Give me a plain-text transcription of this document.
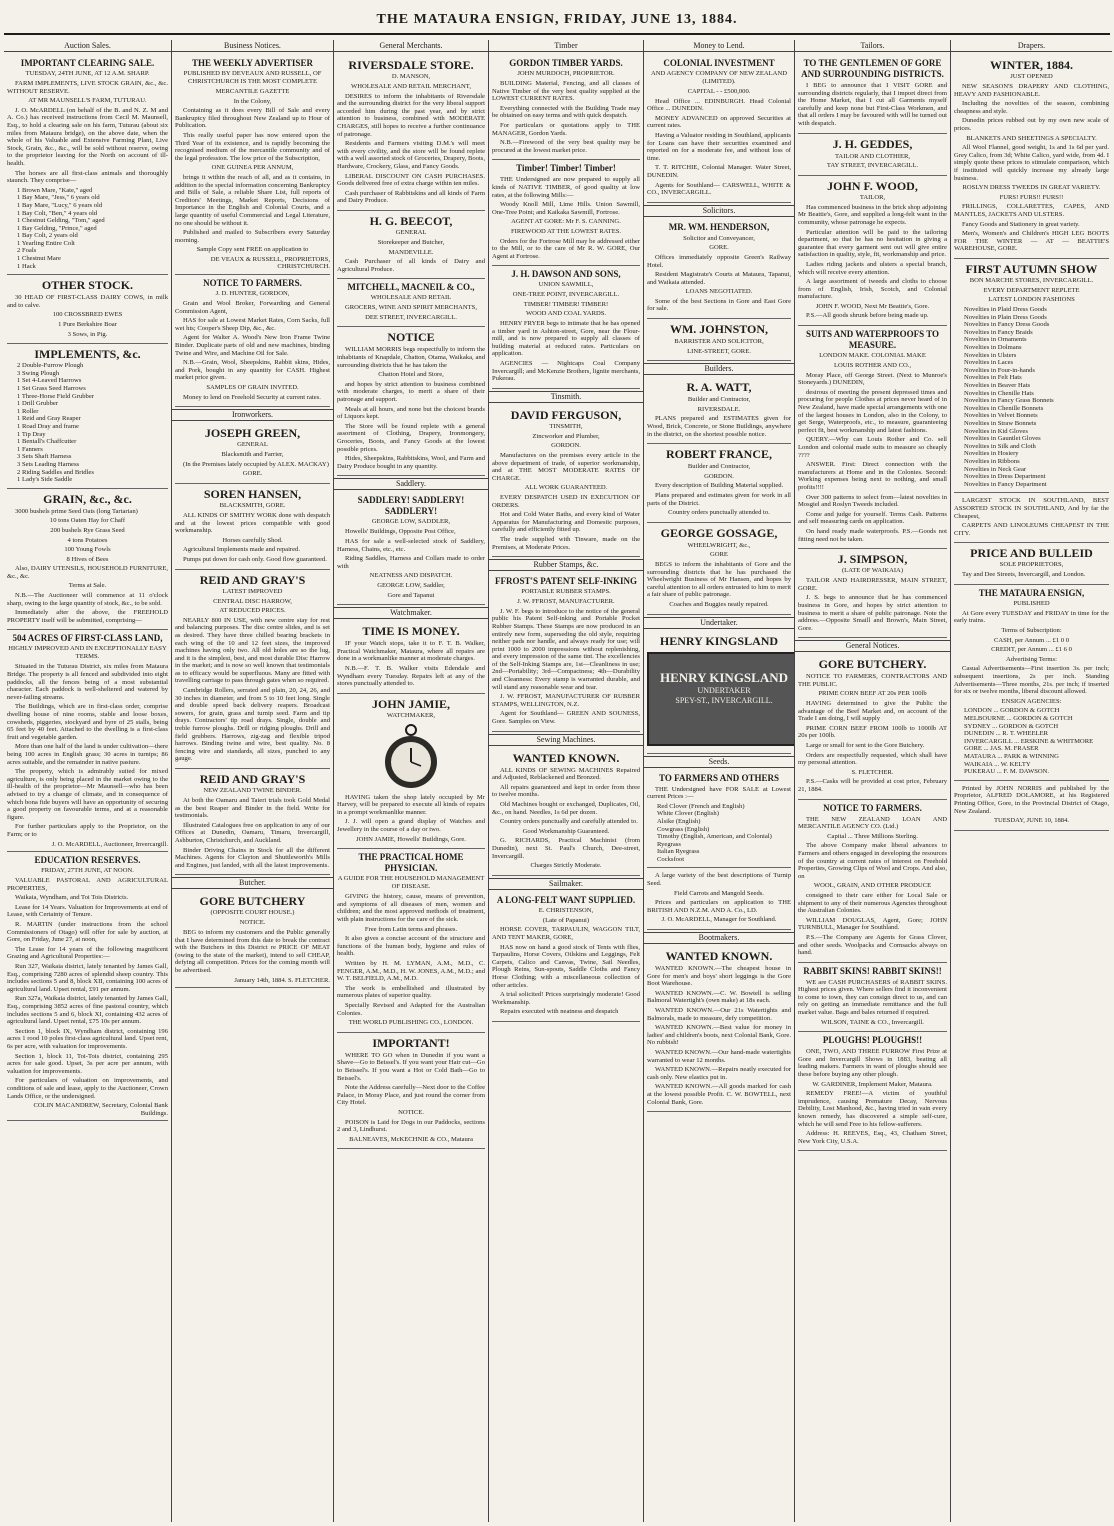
THE MATAURA ENSIGN, FRIDAY, JUNE 13, 1884.
Auction Sales.
IMPORTANT CLEARING SALE.
TUESDAY, 24TH JUNE, AT 12 A.M. SHARP.

FARM IMPLEMENTS, LIVE STOCK GRAIN, &c., &c. WITHOUT RESERVE.

AT MR MAUNSELL'S FARM, TUTURAU.

J. O. McARDELL (on behalf of the B. and N. Z. M and A. Co.) has received instructions from Cecil M. Maunsell, Esq., to hold a clearing sale on his farm, Tuturau (about six miles from Mataura bridge), on the above date, when the whole of his Valuable and Extensive Farming Plant, Live Stock, Grain, &c., &c., will be sold without reserve, owing to the proprietor leaving for the North on account of ill-health.

The horses are all first-class animals and thoroughly staunch. They comprise—

1 Brown Mare, "Kate," aged
1 Bay Mare, "Jess," 6 years old
1 Bay Mare, "Lucy," 6 years old
1 Bay Colt, "Ben," 4 years old
1 Chestnut Gelding, "Tom," aged
1 Bay Gelding, "Prince," aged
1 Bay Colt, 2 years old
1 Yearling Entire Colt
2 Foals
1 Chestnut Mare
1 Hack
OTHER STOCK.

30 HEAD OF FIRST-CLASS DAIRY COWS, in milk and to calve.

100 CROSSBRED EWES

1 Pure Berkshire Boar

3 Sows, in Pig.

IMPLEMENTS, &c.
2 Double-Furrow Plough
3 Swing Plough
1 Set 4-Leaved Harrows
1 Set Grass Seed Harrows
1 Three-Horse Field Grubber
1 Drill Grubber
1 Roller
1 Reid and Gray Reaper
1 Road Dray and frame
1 Tip Dray
1 Bentall's Chaffcutter
1 Fanners
3 Sets Shaft Harness
3 Sets Leading Harness
2 Riding Saddles and Bridles
1 Lady's Side Saddle
GRAIN, &c., &c.

3000 bushels prime Seed Oats (long Tartarian)

10 tons Oaten Hay for Chaff

200 bushels Rye Grass Seed

4 tons Potatoes

100 Young Fowls

8 Hives of Bees

Also, DAIRY UTENSILS, HOUSEHOLD FURNITURE, &c., &c.

Terms at Sale.

N.B.—The Auctioneer will commence at 11 o'clock sharp, owing to the large quantity of stock, &c., to be sold.

Immediately after the above, the FREEHOLD PROPERTY itself will be submitted, comprising—

504 ACRES OF FIRST-CLASS LAND,
HIGHLY IMPROVED AND IN EXCEPTIONALLY EASY TERMS.

Situated in the Tuturau District, six miles from Mataura Bridge. The property is all fenced and subdivided into eight paddocks, all the fences being of a most substantial character. Each paddock is well-sheltered and watered by never-failing streams.

The Buildings, which are in first-class order, comprise dwelling house of nine rooms, stable and loose boxes, cowsheds, piggeries, stockyard and byre of 25 stalls, being 65 feet by 40 feet. Attached to the dwelling is a first-class fruit and vegetable garden.

More than one half of the land is under cultivation—there being 100 acres in English grass; 30 acres in turnips; 86 acres suitable, and the remainder in native pasture.

The property, which is admirably suited for mixed agriculture, is only being placed in the market owing to the ill-health of the proprietor—Mr Maunsell—who has been advised to try a change of climate, and in consequence of which bona fide buyers will have an opportunity of securing a good property on favourable terms, and at a reasonable figure.

For further particulars apply to the Proprietor, on the Farm; or to

J. O. McARDELL, Auctioneer, Invercargill.
EDUCATION RESERVES.
FRIDAY, 27TH JUNE, AT NOON.

VALUABLE PASTORAL AND AGRICULTURAL PROPERTIES,

Waikaia, Wyndham, and Toi Tois Districts.

Lease for 14 Years. Valuation for Improvements at end of Lease, with Certainty of Tenure.

R. MARTIN (under instructions from the school Commissioners of Otago) will offer for sale by auction, at Gore, on Friday, June 27, at noon,

The Lease for 14 years of the following magnificent Grazing and Agricultural Properties:—

Run 327, Waikaia district, lately tenanted by James Gall, Esq., comprising 7280 acres of splendid sheep country. This includes sections 5 and 8, block XII, containing 100 acres of agricultural land. Upset rental, £91 per annum.

Run 327a, Waikaia district, lately tenanted by James Gall, Esq., comprising 3852 acres of fine pastoral country, which includes sections 5 and 6, block XI, containing 432 acres of agricultural land. Upset rental, £75 10s per annum.

Section 1, block IX, Wyndham district, containing 196 acres 1 rood 10 poles first-class agricultural land. Upset rent, 6s per acre, with valuation for improvements.

Section 1, block 11, Toi-Tois district, containing 295 acres for sale good. Upset, 3s per acre per annum, with valuation for improvements.

For particulars of valuation on improvements, and conditions of sale and lease, apply to the Auctioneer, Crown Lands Office, or the undersigned.

COLIN MACANDREW, Secretary, Colonial Bank Buildings.
Business Notices.
THE WEEKLY ADVERTISER
PUBLISHED BY DEVEAUX AND RUSSELL, OF CHRISTCHURCH IS THE MOST COMPLETE

MERCANTILE GAZETTE

In the Colony,

Containing as it does every Bill of Sale and every Bankruptcy filed throughout New Zealand up to Hour of Publication.

This really useful paper has now entered upon the Third Year of its existence, and is rapidly becoming the recognised medium of the mercantile community and of the legal profession. The low price of the Subscription,

ONE GUINEA PER ANNUM,

brings it within the reach of all, and as it contains, in addition to the special information concerning Bankruptcy and Bills of Sale, a reliable Share List, full reports of Creditors' Meetings, Market Reports, Decisions of Importance in the English and Colonial Courts, and a large quantity of useful Commercial and Legal Literature, no one should be without it.

Published and mailed to Subscribers every Saturday morning.

Sample Copy sent FREE on application to

DE VEAUX & RUSSELL, PROPRIETORS, CHRISTCHURCH.
NOTICE TO FARMERS.
J. D. HUNTER, GORDON,

Grain and Wool Broker, Forwarding and General Commission Agent,

HAS for sale at Lowest Market Rates, Corn Sacks, full wei hts; Cooper's Sheep Dip, &c., &c.

Agent for Walter A. Wood's New Iron Frame Twine Binder. Duplicate parts of old and new machines, binding Twine and Wire, and Machine Oil for Sale.

N.B.—Grain, Wool, Sheepskins, Rabbit skins, Hides, and Pork, bought in any quantity for CASH. Highest market price given.

SAMPLES OF GRAIN INVITED.

Money to lend on Freehold Security at current rates.

Ironworkers.
JOSEPH GREEN,
GENERAL

Blacksmith and Farrier,

(In the Premises lately occupied by ALEX. MACKAY)

GORE.

SOREN HANSEN,
BLACKSMITH, GORE.

ALL KINDS OF SMITHY WORK done with despatch and at the lowest prices compatible with good workmanship.

Horses carefully Shod.

Agricultural Implements made and repaired.

Pumps put down for cash only. Good flow guaranteed.

REID AND GRAY'S
LATEST IMPROVED

CENTRAL DISC HARROW,

AT REDUCED PRICES.

NEARLY 800 IN USE, with new centre stay for rest and balancing purposes. The disc centre slides, and is set as desired. They have three chilled bearing brackets in each wing of the 10 and 12 feet sizes, the improved machines having only two. All old holes are so the lug, and it is the simplest, best, and most durable Disc Harrow in the market; and is now so well known that testimonials as to efficacy would be superfluous. Many are fitted with travelling carriage to pass through gates when so required.

Cambridge Rollers, serrated and plain, 20, 24, 26, and 30 inches in diameter, and from 5 to 10 feet long. Single and double speed back delivery reapers. Broadcast sowers, for grain, grass and turnip seed. Farm and tip drays. Contractors' tip road drays. Single, double and treble furrow ploughs. Drill or ridging ploughs. Drill and field grubbers. Harrows, zig-zag and flexible tripod harrows. Binding twine and wire, best quality. No. 8 fencing wire and standards, all sizes, punched to any gauge.

REID AND GRAY'S
NEW ZEALAND TWINE BINDER.

At both the Oamaru and Taieri trials took Gold Medal as the best Reaper and Binder in the field. Write for testimonials.

Illustrated Catalogues free on application to any of our Offices at Dunedin, Oamaru, Timaru, Invercargill, Ashburton, Christchurch, and Auckland.

Binder Driving Chains in Stock for all the different Machines. Agents for Clayton and Shuttleworth's Mills and Engines, just landed, with all the latest improvements.

Butcher.
GORE BUTCHERY
(OPPOSITE COURT HOUSE.)

NOTICE.

BEG to inform my customers and the Public generally that I have determined from this date to break the contract with the Butchers in this District re PRICE OF MEAT (owing to the state of the market), intend to sell CHEAP, defying all competition. Prices for the coming month will be advertised.

January 14th, 1884. S. FLETCHER.
General Merchants.
RIVERSDALE STORE.
D. MANSON,

WHOLESALE AND RETAIL MERCHANT,

DESIRES to inform the inhabitants of Riversdale and the surrounding district for the very liberal support accorded him during the past year, and by strict attention to business, combined with MODERATE CHARGES, still hopes to receive a further continuance of patronage.

Residents and Farmers visiting D.M.'s will meet with every civility, and the store will be found replete with a well assorted stock of Groceries, Drapery, Boots, Hardware, Crockery, Glass, and Fancy Goods.

LIBERAL DISCOUNT ON CASH PURCHASES. Goods delivered free of extra charge within ten miles.

Cash purchaser of Rabbitskins and all kinds of Farm and Dairy Produce.

H. G. BEECOT,
GENERAL

Storekeeper and Butcher,

MANDEVILLE.

Cash Purchaser of all kinds of Dairy and Agricultural Produce.

MITCHELL, MACNEIL & CO.,
WHOLESALE AND RETAIL

GROCERS, WINE AND SPIRIT MERCHANTS,

DEE STREET, INVERCARGILL.

NOTICE

WILLIAM MORRIS begs respectfully to inform the inhabitants of Knapdale, Chatton, Otama, Waikaka, and surrounding districts that he has taken the

Chatton Hotel and Store,

and hopes by strict attention to business combined with moderate charges, to merit a share of their patronage and support.

Meals at all hours, and none but the choicest brands of Liquors kept.

The Store will be found replete with a general assortment of Clothing, Drapery, Ironmongery, Groceries, Boots, and Fancy Goods at the lowest possible prices.

Hides, Sheepskins, Rabbitskins, Wool, and Farm and Dairy Produce bought in any quantity.

Saddlery.
SADDLERY! SADDLERY! SADDLERY!
GEORGE LOW, SADDLER,

Howells' Buildings, Opposite Post Office,

HAS for sale a well-selected stock of Saddlery, Harness, Chains, etc., etc.

Riding Saddles, Harness and Collars made to order with

NEATNESS AND DISPATCH.

GEORGE LOW, Saddler,

Gore and Tapanui

Watchmaker.
TIME IS MONEY.

IF your Watch stops, take it to F. T. B. Walker, Practical Watchmaker, Mataura, where all repairs are done in a workmanlike manner at moderate charges.

N.B.—F. T. B. Walker visits Edendale and Wyndham every Tuesday. Repairs left at any of the stores punctually attended to.

JOHN JAMIE,
WATCHMAKER,

HAVING taken the shop lately occupied by Mr Harvey, will be prepared to execute all kinds of repairs in a prompt workmanlike manner.

J. J. will open a grand display of Watches and Jewellery in the course of a day or two.

JOHN JAMIE, Howells' Buildings, Gore.

THE PRACTICAL HOME PHYSICIAN.
A GUIDE FOR THE HOUSEHOLD MANAGEMENT OF DISEASE.

GIVING the history, cause, means of prevention, and symptoms of all diseases of men, women and children; and the most approved methods of treatment, with plain instructions for the care of the sick.

Free from Latin terms and phrases.

It also gives a concise account of the structure and functions of the human body, hygiene and rules of health.

Written by H. M. LYMAN, A.M., M.D., C. FENGER, A.M., M.D., H. W. JONES, A.M., M.D.; and W. T. BELFIELD, A.M., M.D.

The work is embellished and illustrated by numerous plates of superior quality.

Specially Revised and Adapted for the Australian Colonies.

THE WORLD PUBLISHING CO., LONDON.

IMPORTANT!

WHERE TO GO when in Dunedin if you want a Shave—Go to Beissel's. If you want your Hair cut—Go to Beissel's. If you want a Hot or Cold Bath—Go to Beissel's.

Note the Address carefully—Next door to the Coffee Palace, in Moray Place, and just round the corner from City Hotel.

NOTICE.

POISON is Laid for Dogs in our Paddocks, sections 2 and 3, Lindhurst.

BALNEAVES, McKECHNIE & CO., Mataura

Timber
GORDON TIMBER YARDS.
JOHN MURDOCH, PROPRIETOR.

BUILDING Material, Fencing, and all classes of Native Timber of the very best quality supplied at the LOWEST CURRENT RATES.

Everything connected with the Building Trade may be obtained on easy terms and with quick despatch.

For particulars or quotations apply to THE MANAGER, Gordon Yards.

N.B.—Firewood of the very best quality may be procured at the lowest market price.

Timber! Timber! Timber!

THE Undersigned are now prepared to supply all kinds of NATIVE TIMBER, of good quality at low rates, at the following Mills:—

Woody Knoll Mill, Lime Hills. Union Sawmill, One-Tree Point; and Kaikaka Sawmill, Fortrose.

AGENT AT GORE: Mr F. S. CANNING.

FIREWOOD AT THE LOWEST RATES.

Orders for the Fortrose Mill may be addressed either to the Mill, or to the care of Mr R. W. GORE, Our Agent at Fortrose.

J. H. DAWSON AND SONS,
UNION SAWMILL,

ONE-TREE POINT, INVERCARGILL.

TIMBER! TIMBER! TIMBER!

WOOD AND COAL YARDS.

HENRY FRYER begs to intimate that he has opened a timber yard in Ashton-street, Gore, near the Flour-mill, and is now prepared to supply all classes of building material at reduced rates. Particulars on application.

AGENCIES — Nightcaps Coal Company Invercargill; and McKenzie Brothers, lignite merchants, Pukerau.

Tinsmith.
DAVID FERGUSON,
TINSMITH,

Zincworker and Plumber,

GORDON.

Manufactures on the premises every article in the above department of trade, of superior workmanship, and at THE MOST MODERATE RATES OF CHARGE.

ALL WORK GUARANTEED.

EVERY DESPATCH USED IN EXECUTION OF ORDERS.

Hot and Cold Water Baths, and every kind of Water Apparatus for Manufacturing and Domestic purposes, carefully and efficiently fitted up.

The trade supplied with Tinware, made on the Premises, at Moderate Prices.

Rubber Stamps, &c.
FFROST'S PATENT SELF-INKING
PORTABLE RUBBER STAMPS.

J. W. FFROST, MANUFACTURER.

J. W. F. begs to introduce to the notice of the general public his Patent Self-inking and Portable Pocket Rubber Stamps. These Stamps are now produced in an entirely new form, superseding the old style, requiring neither pads nor handle, and always ready for use; will print 1000 to 2000 impressions without replenishing, and every impression of the same tint. The excellencies of the Self-Inking Stamps are, 1st—Cleanliness in use; 2nd—Portability; 3rd—Compactness; 4th—Durability and Cleanness: Every stamp is warranted durable, and will stand any reasonable wear and tear.

J. W. FFROST, MANUFACTURER OF RUBBER STAMPS, WELLINGTON, N.Z.

Agent for Southland— GREEN AND SOUNESS, Gore. Samples on View.

Sewing Machines.
WANTED KNOWN.

ALL KINDS OF SEWING MACHINES Repaired and Adjusted, Reblackened and Bronzed.

All repairs guaranteed and kept in order from three to twelve months.

Old Machines bought or exchanged, Duplicates, Oil, &c., on hand. Needles, 1s 6d per dozen.

Country orders punctually and carefully attended to.

Good Workmanship Guaranteed.

G. RICHARDS, Practical Machinist (from Dunedin), next St. Paul's Church, Dee-street, Invercargill.

Charges Strictly Moderate.

Sailmaker.
A LONG-FELT WANT SUPPLIED.
E. CHRISTENSON,

(Late of Papanui)

HORSE COVER, TARPAULIN, WAGGON TILT, AND TENT MAKER, GORE,

HAS now on hand a good stock of Tents with flies, Tarpaulins, Horse Covers, Oilskins and Leggings, Felt Carpets, Calico and Canvas, Twine, Sail Needles, Plough Reins, Sun-spouts, Saddle Cloths and Fancy Horse Clothing; with a miscellaneous collection of other articles.

A trial solicited! Prices surprisingly moderate! Good Workmanship.

Repairs executed with neatness and despatch

Money to Lend.
COLONIAL INVESTMENT
AND AGENCY COMPANY OF NEW ZEALAND (LIMITED).

CAPITAL - - £500,000.

Head Office ... EDINBURGH. Head Colonial Office ... DUNEDIN.

MONEY ADVANCED on approved Securities at current rates.

Having a Valuator residing in Southland, applicants for Loans can have their securities examined and reported on for a moderate fee, and without loss of time.

T. T. RITCHIE, Colonial Manager. Water Street, DUNEDIN.

Agents for Southland— CARSWELL, WHITE & CO., INVERCARGILL.

Solicitors.
MR. WM. HENDERSON,

Solicitor and Conveyancer,

GORE.

Offices immediately opposite Green's Railway Hotel.

Resident Magistrate's Courts at Mataura, Tapanui, and Waikaia attended.

LOANS NEGOTIATED.

Some of the best Sections in Gore and East Gore for sale.

WM. JOHNSTON,

BARRISTER AND SOLICITOR,

LINE-STREET, GORE.

Builders.
R. A. WATT,

Builder and Contractor,

RIVERSDALE.

PLANS prepared and ESTIMATES given for Wood, Brick, Concrete, or Stone Buildings, anywhere in the district, on the shortest possible notice.

ROBERT FRANCE,

Builder and Contractor,

GORDON.

Every description of Building Material supplied.

Plans prepared and estimates given for work in all parts of the District.

Country orders punctually attended to.

GEORGE GOSSAGE,

WHEELWRIGHT, &c.,

GORE

BEGS to inform the inhabitants of Gore and the surrounding districts that he has purchased the Wheelwright Business of Mr Hansen, and hopes by careful attention to all orders entrusted to him to merit a fair share of public patronage.

Coaches and Buggies neatly repaired.

Undertaker.
HENRY KINGSLAND
HENRY KINGSLAND
UNDERTAKER
SPEY-ST., INVERCARGILL.
Seeds.
TO FARMERS AND OTHERS

THE Undersigned have FOR SALE at Lowest current Prices :—

Red Clover (French and English)
White Clover (English)
Alsike (English)
Cowgrass (English)
Timothy (English, American, and Colonial)
Ryegrass
Italian Ryegrass
Cocksfoot

A large variety of the best descriptions of Turnip Seed.

Field Carrots and Mangold Seeds.

Prices and particulars on application to THE BRITISH AND N.Z.M. AND A. Co., LD.

J. O. McARDELL, Manager for Southland.

Bootmakers.
WANTED KNOWN.

WANTED KNOWN.—The cheapest house in Gore for men's and boys' short leggings is the Gore Boot Warehouse.

WANTED KNOWN.—C. W. Bowtell is selling Balmoral Watertight's (own make) at 18s each.

WANTED KNOWN.—Our 21s Watertights and Balmorals, made to measure, defy competition.

WANTED KNOWN.—Best value for money in ladies' and children's boots, next Colonial Bank, Gore. No rubbish!

WANTED KNOWN.—Our hand-made watertights warranted to wear 12 months.

WANTED KNOWN.—Repairs neatly executed for cash only. New elastics put in.

WANTED KNOWN.—All goods marked for cash at the lowest possible Profit. C. W. BOWTELL, next Colonial Bank, Gore.

Tailors.
TO THE GENTLEMEN OF GORE AND SURROUNDING DISTRICTS.

I BEG to announce that I VISIT GORE and surrounding districts regularly, that I import direct from the Home Market, that I cut all Garments myself carefully and keep none but First-Class Workmen, and that all orders I may be favoured with will be turned out with despatch.

J. H. GEDDES,

TAILOR AND CLOTHIER,

TAY STREET, INVERCARGILL.

JOHN F. WOOD,
TAILOR,

Has commenced business in the brick shop adjoining Mr Beattie's, Gore, and supplied a long-felt want in the community, whose patronage he expects.

Particular attention will be paid to the tailoring department, so that he has no hesitation in giving a guarantee that every garment sent out will give entire satisfaction in quality, style, fit, workmanship and price.

Ladies riding jackets and ulsters a special branch, which will receive every attention.

A large assortment of tweeds and cloths to choose from of English, Irish, Scotch, and Colonial manufacture.

JOHN F. WOOD, Next Mr Beattie's, Gore.

P.S.—All goods shrunk before being made up.

SUITS AND WATERPROOFS TO MEASURE.
LONDON MAKE. COLONIAL MAKE

LOUIS ROTHER AND CO.,

Moray Place, off George Street. (Next to Munroe's Stoneyards.) DUNEDIN,

desirous of meeting the present depressed times and procuring for people Clothes at prices never heard of in New Zealand, have made special arrangements with one of the largest houses in London, also in the Colony, to get Serge, Waterproofs, etc., to measure, guaranteeing perfect fit, best workmanship and latest fashions.

QUERY.—Why can Louis Rother and Co. sell London and colonial made suits to measure so cheaply ????

ANSWER. First: Direct connection with the manufacturers at Home and in the Colonies. Second: Working expenses being next to nothing, and small profits!!!!

Over 300 patterns to select from—latest novelties in Mosgiel and Roslyn Tweeds included.

Come and judge for yourself. Terms Cash. Patterns and self measuring cards on application.

On hand ready made waterproofs. P.S.—Goods not fitting need not be taken.

J. SIMPSON,
(LATE OF WAIKAIA)

TAILOR AND HAIRDRESSER, MAIN STREET, GORE.

J. S. begs to announce that he has commenced business in Gore, and hopes by strict attention to business to merit a share of public patronage. Note the address.—Opposite Smaill and Brown's, Main Street, Gore.

General Notices.
GORE BUTCHERY.

NOTICE TO FARMERS, CONTRACTORS AND THE PUBLIC.

PRIME CORN BEEF AT 20s PER 100lb

HAVING determined to give the Public the advantage of the Beef Market and, on account of the Trade I am doing, I will supply

PRIME CORN BEEF FROM 100lb to 1000lb AT 20s per 100lb.

Large or small for sent to the Gore Butchery.

Orders are respectfully requested, which shall have my personal attention.

S. FLETCHER.

P.S.—Casks will be provided at cost price, February 21, 1884.

NOTICE TO FARMERS.

THE NEW ZEALAND LOAN AND MERCANTILE AGENCY CO. (Ltd.)

Capital ... Three Millions Sterling.

The above Company make liberal advances to Farmers and others engaged in developing the resources of the country at current rates of interest on Freehold Properties, Growing Clips of Wool and Crops. And also, on

WOOL, GRAIN, AND OTHER PRODUCE

consigned to their care either for Local Sale or shipment to any of their numerous Agencies throughout the Australian Colonies.

WILLIAM DOUGLAS, Agent, Gore; JOHN TURNBULL, Manager for Southland.

P.S.—The Company are Agents for Grass Clover, and other seeds. Woolpacks and Cornsacks always on hand.

RABBIT SKINS! RABBIT SKINS!!

WE are CASH PURCHASERS of RABBIT SKINS. Highest prices given. Where sellers find it inconvenient to come to town, they can consign direct to us, and can rely on getting an immediate remittance and the full market value. Bags and bales returned if required.

WILSON, TAINE & CO., Invercargill.

PLOUGHS! PLOUGHS!!

ONE, TWO, AND THREE FURROW First Prize at Gore and Invercargill Shows in 1883, beating all leading makers. Farmers in want of ploughs should see these before buying any other plough.

W. GARDINER, Implement Maker, Mataura.

REMEDY FREE!—A victim of youthful imprudence, causing Premature Decay, Nervous Debility, Lost Manhood, &c., having tried in vain every known remedy, has discovered a simple self-cure, which he will send Free to his fellow-sufferers.

Address: H. REEVES, Esq., 43, Chatham Street, New York City, U.S.A.

Drapers.
WINTER, 1884.
JUST OPENED

NEW SEASON'S DRAPERY AND CLOTHING, HEAVY AND FASHIONABLE.

Including the novelties of the season, combining cheapness and style.

Dunedin prices rubbed out by my own new scale of prices.

BLANKETS AND SHEETINGS A SPECIALTY.

All Wool Flannel, good weight, 1s and 1s 6d per yard. Grey Calico, from 3d; White Calico, yard wide, from 4d. I simply quote these prices to stimulate comparison, which if instituted will quickly increase my already large business.

ROSLYN DRESS TWEEDS IN GREAT VARIETY.

FURS! FURS!! FURS!!

FRILLINGS, COLLARETTES, CAPES, AND MANTLES, JACKETS AND ULSTERS.

Fancy Goods and Stationery in great variety.

Men's, Women's and Children's HIGH LEG BOOTS FOR THE WINTER — AT — BEATTIE'S WAREHOUSE, GORE.

FIRST AUTUMN SHOW
BON MARCHE STORES, INVERCARGILL.

EVERY DEPARTMENT REPLETE

LATEST LONDON FASHIONS

Novelties in Plaid Dress Goods
Novelties in Plain Dress Goods
Novelties in Fancy Dress Goods
Novelties in Fancy Braids
Novelties in Ornaments
Novelties in Dolmans
Novelties in Ulsters
Novelties in Laces
Novelties in Four-in-hands
Novelties in Felt Hats
Novelties in Beaver Hats
Novelties in Chenille Hats
Novelties in Fancy Grass Bonnets
Novelties in Chenille Bonnets
Novelties in Velvet Bonnets
Novelties in Straw Bonnets
Novelties in Kid Gloves
Novelties in Gauntlet Gloves
Novelties in Silk and Cloth
Novelties in Hosiery
Novelties in Ribbons
Novelties in Neck Gear
Novelties in Dress Department
Novelties in Fancy Department

LARGEST STOCK IN SOUTHLAND, BEST ASSORTED STOCK IN SOUTHLAND, And by far the Cheapest,

CARPETS AND LINOLEUMS CHEAPEST IN THE CITY.

PRICE AND BULLEID
SOLE PROPRIETORS,

Tay and Dee Streets, Invercargill, and London.

THE MATAURA ENSIGN,
PUBLISHED

At Gore every TUESDAY and FRIDAY in time for the early trains.

Terms of Subscription:

CASH, per Annum ... £1 0 0

CREDIT, per Annum ... £1 6 0

Advertising Terms:

Casual Advertisements—First insertion 3s. per inch; subsequent insertions, 2s per inch. Standing Advertisements—Three months, 21s. per inch; if inserted for six or twelve months, liberal discount allowed.

ENSIGN AGENCIES:

LONDON ... GORDON & GOTCH
MELBOURNE ... GORDON & GOTCH
SYDNEY ... GORDON & GOTCH
DUNEDIN ... R. T. WHEELER
INVERCARGILL ... ERSKINE & WHITMORE
GORE ... JAS. M. FRASER
MATAURA ... PARK & WINNING
WAIKAIA ... W. KELTY
PUKERAU ... F. M. DAWSON.

Printed by JOHN NORRIS and published by the Proprietor, ALFRED DOLAMORE, at his Registered Printing Office, Gore, in the Provincial District of Otago, New Zealand.

TUESDAY, JUNE 10, 1884.
